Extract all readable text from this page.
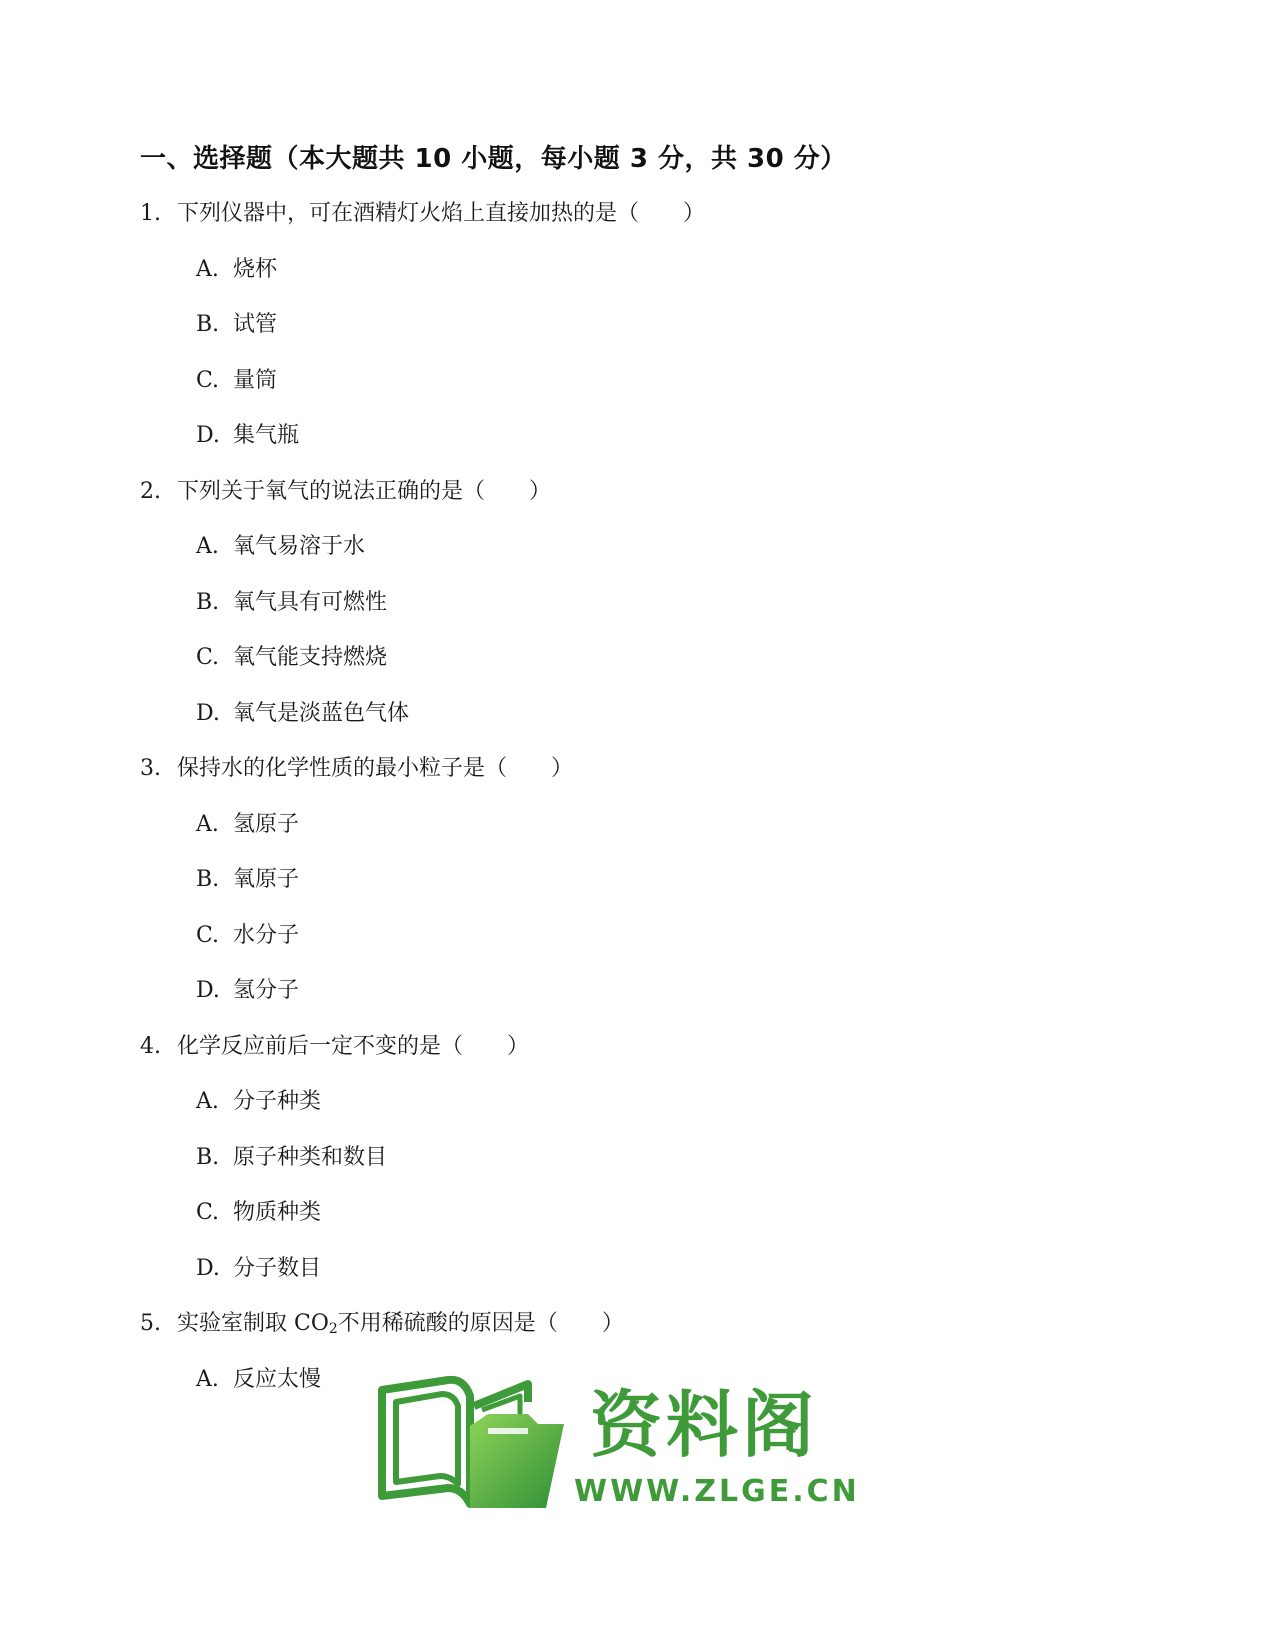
一、选择题（本大题共 10 小题，每小题 3 分，共 30 分）
1. 下列仪器中，可在酒精灯火焰上直接加热的是（　　）
A. 烧杯
B. 试管
C. 量筒
D. 集气瓶
2. 下列关于氧气的说法正确的是（　　）
A. 氧气易溶于水
B. 氧气具有可燃性
C. 氧气能支持燃烧
D. 氧气是淡蓝色气体
3. 保持水的化学性质的最小粒子是（　　）
A. 氢原子
B. 氧原子
C. 水分子
D. 氢分子
4. 化学反应前后一定不变的是（　　）
A. 分子种类
B. 原子种类和数目
C. 物质种类
D. 分子数目
5. 实验室制取 $CO_2$不用稀硫酸的原因是（　　）
A. 反应太慢
资料阁
WWW.ZLGE.CN
